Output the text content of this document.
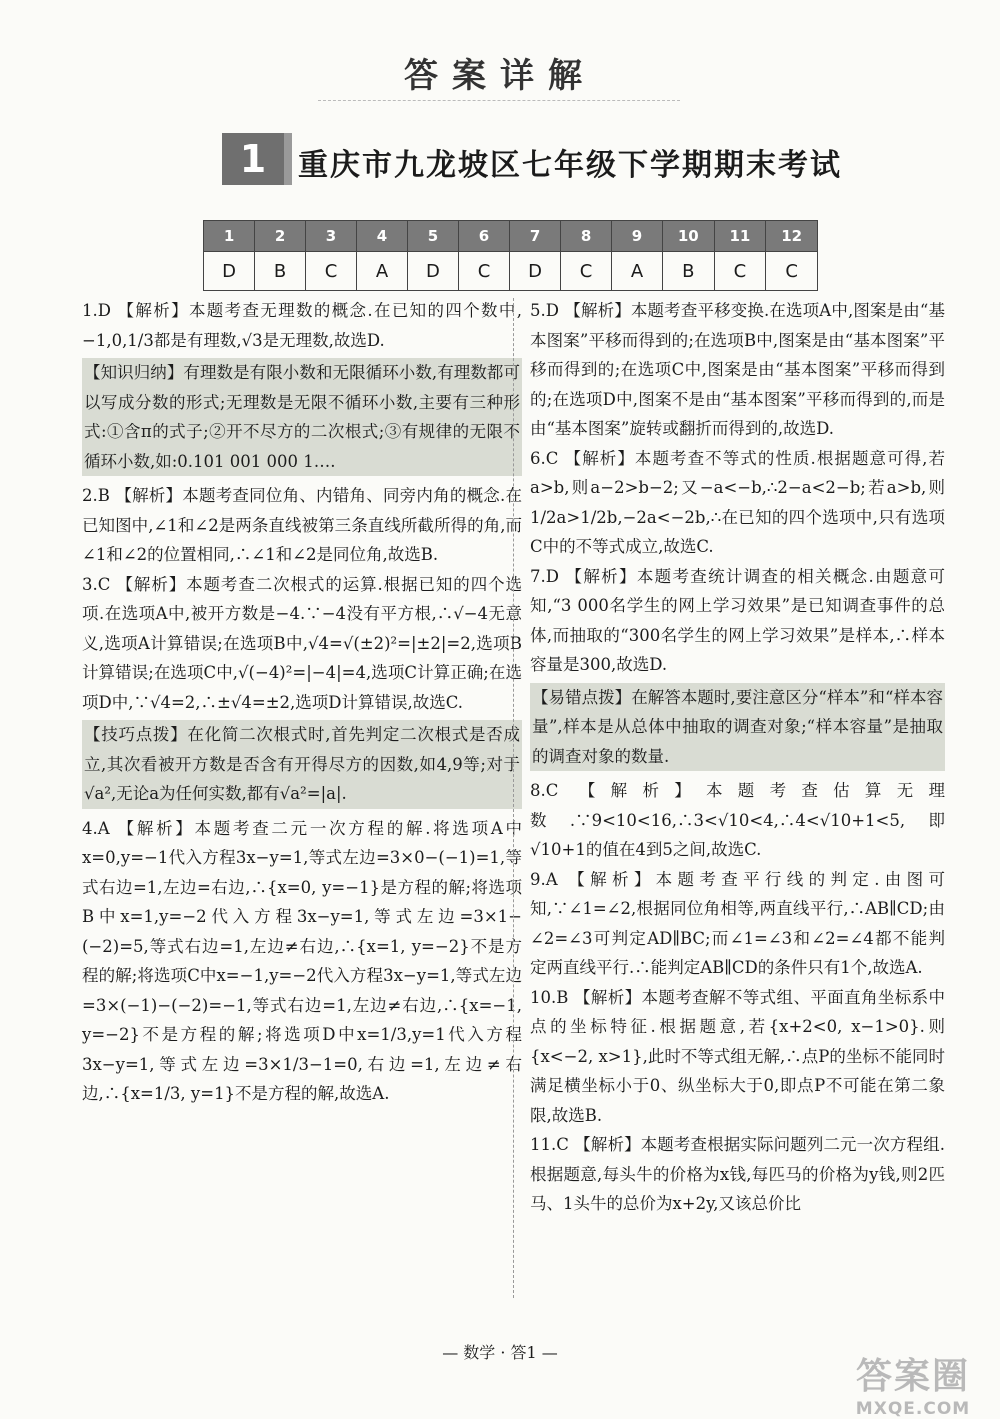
答案详解
1	重庆市九龙坡区七年级下学期期末考试
1	2	3	4	5	6	7	8	9	10	11	12
D	B	C	A	D	C	D	C	A	B	C	C

1.D 【解析】本题考查无理数的概念.在已知的四个数中,−1,0,1/3都是有理数,√3是无理数,故选D.

【知识归纳】有理数是有限小数和无限循环小数,有理数都可以写成分数的形式;无理数是无限不循环小数,主要有三种形式:①含π的式子;②开不尽方的二次根式;③有规律的无限不循环小数,如:0.101 001 000 1….

2.B 【解析】本题考查同位角、内错角、同旁内角的概念.在已知图中,∠1和∠2是两条直线被第三条直线所截所得的角,而∠1和∠2的位置相同,∴∠1和∠2是同位角,故选B.

3.C 【解析】本题考查二次根式的运算.根据已知的四个选项.在选项A中,被开方数是−4.∵−4没有平方根,∴√−4无意义,选项A计算错误;在选项B中,√4=√(±2)²=|±2|=2,选项B计算错误;在选项C中,√(−4)²=|−4|=4,选项C计算正确;在选项D中,∵√4=2,∴±√4=±2,选项D计算错误,故选C.

【技巧点拨】在化简二次根式时,首先判定二次根式是否成立,其次看被开方数是否含有开得尽方的因数,如4,9等;对于√a²,无论a为任何实数,都有√a²=|a|.

4.A 【解析】本题考查二元一次方程的解.将选项A中x=0,y=−1代入方程3x−y=1,等式左边=3×0−(−1)=1,等式右边=1,左边=右边,∴{x=0, y=−1}是方程的解;将选项B中x=1,y=−2代入方程3x−y=1,等式左边=3×1−(−2)=5,等式右边=1,左边≠右边,∴{x=1, y=−2}不是方程的解;将选项C中x=−1,y=−2代入方程3x−y=1,等式左边=3×(−1)−(−2)=−1,等式右边=1,左边≠右边,∴{x=−1, y=−2}不是方程的解;将选项D中x=1/3,y=1代入方程3x−y=1,等式左边=3×1/3−1=0,右边=1,左边≠右边,∴{x=1/3, y=1}不是方程的解,故选A.

5.D 【解析】本题考查平移变换.在选项A中,图案是由“基本图案”平移而得到的;在选项B中,图案是由“基本图案”平移而得到的;在选项C中,图案是由“基本图案”平移而得到的;在选项D中,图案不是由“基本图案”平移而得到的,而是由“基本图案”旋转或翻折而得到的,故选D.

6.C 【解析】本题考查不等式的性质.根据题意可得,若a>b,则a−2>b−2;又−a<−b,∴2−a<2−b;若a>b,则1/2a>1/2b,−2a<−2b,∴在已知的四个选项中,只有选项C中的不等式成立,故选C.

7.D 【解析】本题考查统计调查的相关概念.由题意可知,“3 000名学生的网上学习效果”是已知调查事件的总体,而抽取的“300名学生的网上学习效果”是样本,∴样本容量是300,故选D.

【易错点拨】在解答本题时,要注意区分“样本”和“样本容量”,样本是从总体中抽取的调查对象;“样本容量”是抽取的调查对象的数量.

8.C 【解析】本题考查估算无理数.∵9<10<16,∴3<√10<4,∴4<√10+1<5,即√10+1的值在4到5之间,故选C.

9.A 【解析】本题考查平行线的判定.由图可知,∵∠1=∠2,根据同位角相等,两直线平行,∴AB∥CD;由∠2=∠3可判定AD∥BC;而∠1=∠3和∠2=∠4都不能判定两直线平行.∴能判定AB∥CD的条件只有1个,故选A.

10.B 【解析】本题考查解不等式组、平面直角坐标系中点的坐标特征.根据题意,若{x+2<0, x−1>0}.则{x<−2, x>1},此时不等式组无解,∴点P的坐标不能同时满足横坐标小于0、纵坐标大于0,即点P不可能在第二象限,故选B.

11.C 【解析】本题考查根据实际问题列二元一次方程组.根据题意,每头牛的价格为x钱,每匹马的价格为y钱,则2匹马、1头牛的总价为x+2y,又该总价比

— 数学 · 答1 —
答案圈
MXQE.COM
